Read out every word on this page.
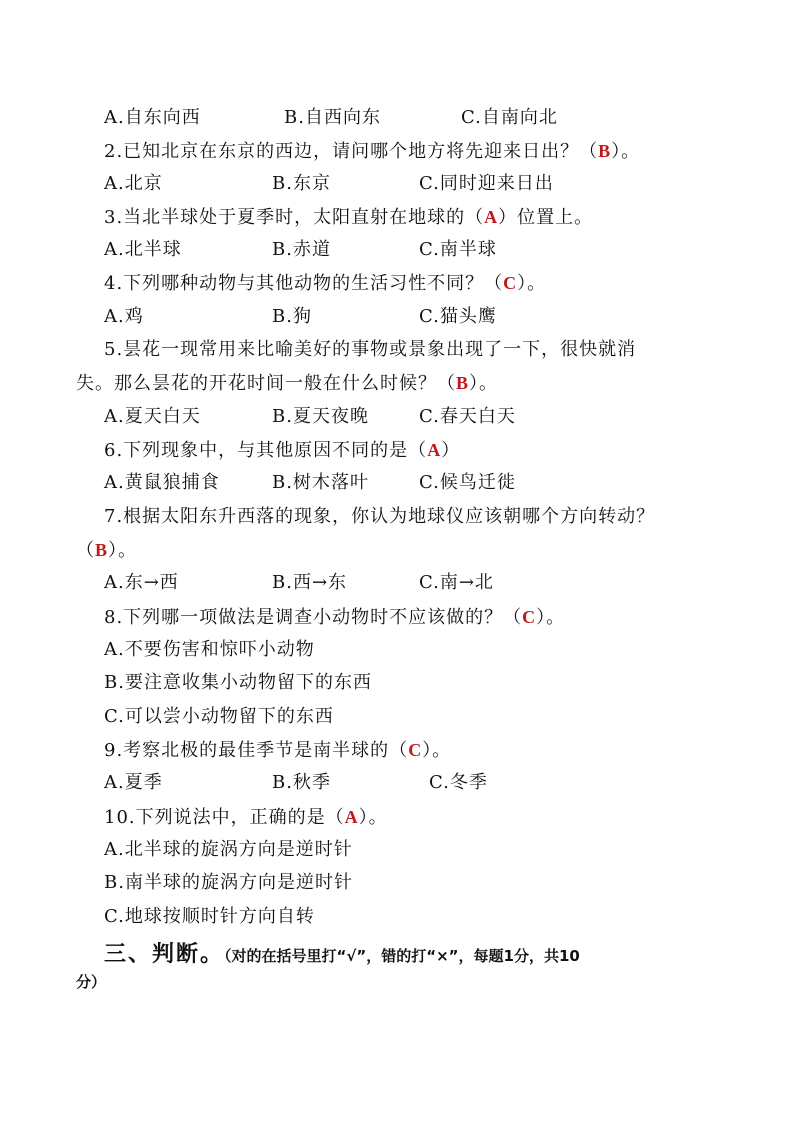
A.自东向西	B.自西向东	C.自南向北
2.已知北京在东京的西边，请问哪个地方将先迎来日出？（B）。
A.北京	B.东京	C.同时迎来日出
3.当北半球处于夏季时，太阳直射在地球的（A）位置上。
A.北半球	B.赤道	C.南半球
4.下列哪种动物与其他动物的生活习性不同？（C）。
A.鸡	B.狗	C.猫头鹰
5.昙花一现常用来比喻美好的事物或景象出现了一下，很快就消
失。那么昙花的开花时间一般在什么时候？（B）。
A.夏天白天	B.夏天夜晚	C.春天白天
6.下列现象中，与其他原因不同的是（A）
A.黄鼠狼捕食	B.树木落叶	C.候鸟迁徙
7.根据太阳东升西落的现象，你认为地球仪应该朝哪个方向转动？
（B）。
A.东→西	B.西→东	C.南→北
8.下列哪一项做法是调查小动物时不应该做的？（C）。
A.不要伤害和惊吓小动物
B.要注意收集小动物留下的东西
C.可以尝小动物留下的东西
9.考察北极的最佳季节是南半球的（C）。
A.夏季	B.秋季	C.冬季
10.下列说法中，正确的是（A）。
A.北半球的旋涡方向是逆时针
B.南半球的旋涡方向是逆时针
C.地球按顺时针方向自转
三、判断。（对的在括号里打“√”，错的打“×”，每题1分，共10
分）
